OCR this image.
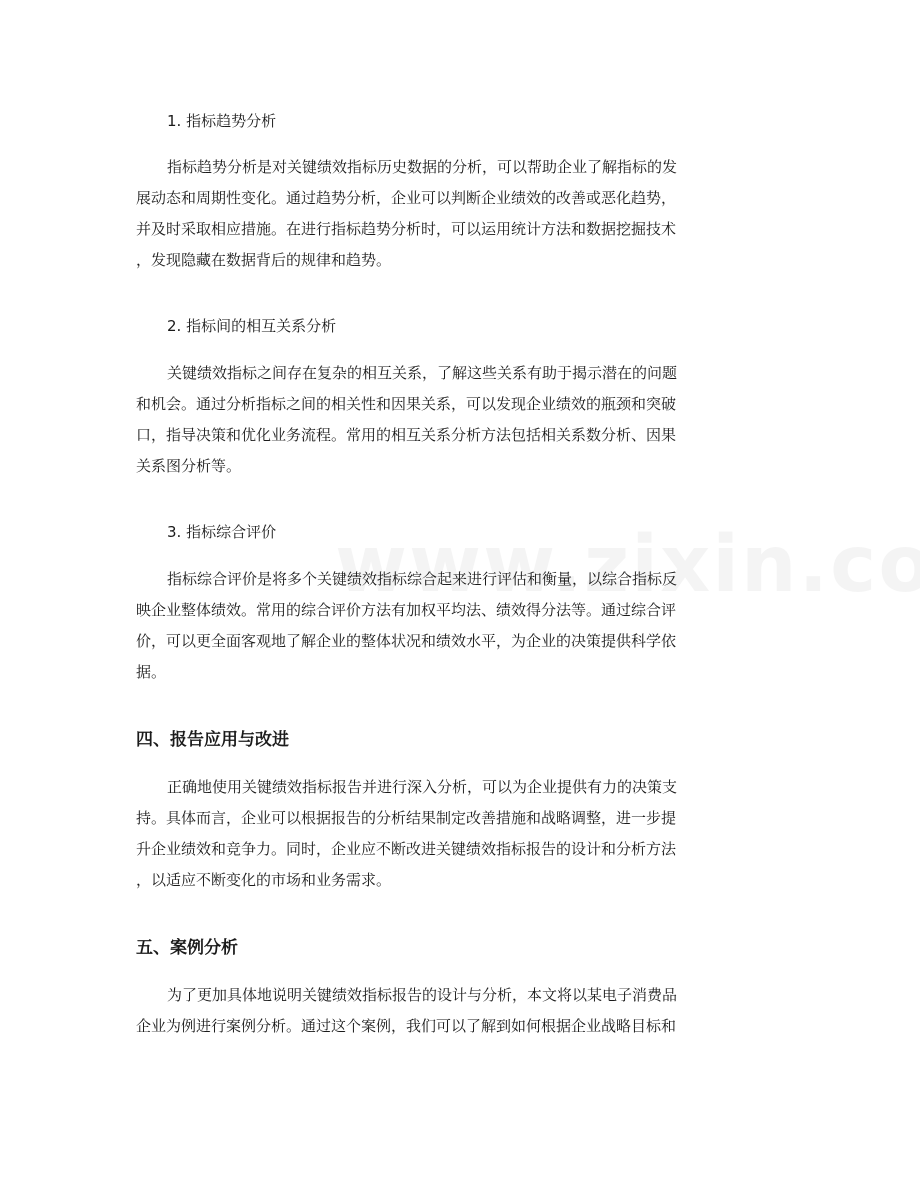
1. 指标趋势分析
指标趋势分析是对关键绩效指标历史数据的分析，可以帮助企业了解指标的发
展动态和周期性变化。通过趋势分析，企业可以判断企业绩效的改善或恶化趋势，
并及时采取相应措施。在进行指标趋势分析时，可以运用统计方法和数据挖掘技术
，发现隐藏在数据背后的规律和趋势。
2. 指标间的相互关系分析
关键绩效指标之间存在复杂的相互关系，了解这些关系有助于揭示潜在的问题
和机会。通过分析指标之间的相关性和因果关系，可以发现企业绩效的瓶颈和突破
口，指导决策和优化业务流程。常用的相互关系分析方法包括相关系数分析、因果
关系图分析等。
3. 指标综合评价
指标综合评价是将多个关键绩效指标综合起来进行评估和衡量，以综合指标反
映企业整体绩效。常用的综合评价方法有加权平均法、绩效得分法等。通过综合评
价，可以更全面客观地了解企业的整体状况和绩效水平，为企业的决策提供科学依
据。
四、报告应用与改进
正确地使用关键绩效指标报告并进行深入分析，可以为企业提供有力的决策支
持。具体而言，企业可以根据报告的分析结果制定改善措施和战略调整，进一步提
升企业绩效和竞争力。同时，企业应不断改进关键绩效指标报告的设计和分析方法
，以适应不断变化的市场和业务需求。
五、案例分析
为了更加具体地说明关键绩效指标报告的设计与分析，本文将以某电子消费品
企业为例进行案例分析。通过这个案例，我们可以了解到如何根据企业战略目标和
